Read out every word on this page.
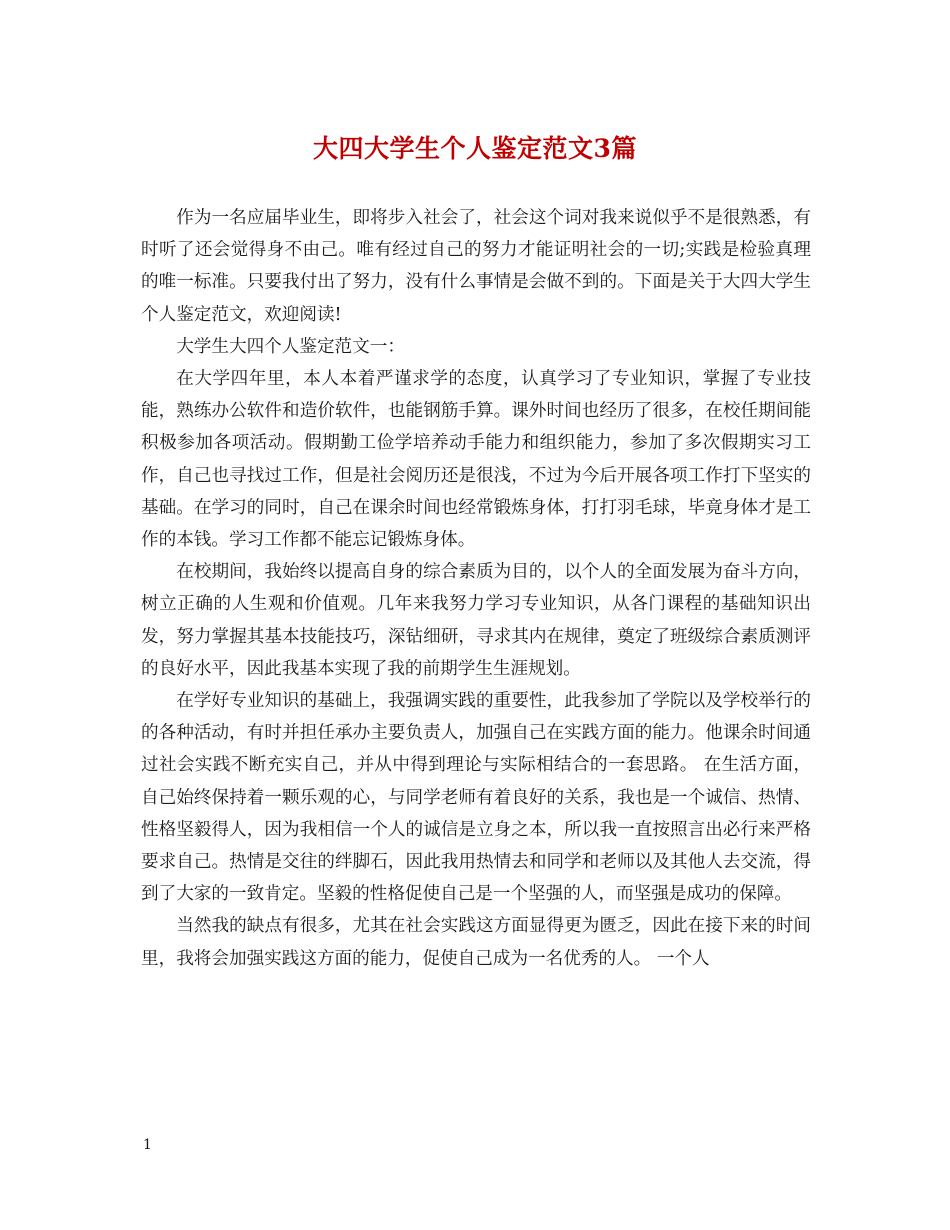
大四大学生个人鉴定范文3篇

作为一名应届毕业生，即将步入社会了，社会这个词对我来说似乎不是很熟悉，有时听了还会觉得身不由己。唯有经过自己的努力才能证明社会的一切;实践是检验真理的唯一标准。只要我付出了努力，没有什么事情是会做不到的。下面是关于大四大学生个人鉴定范文，欢迎阅读!

大学生大四个人鉴定范文一：

在大学四年里，本人本着严谨求学的态度，认真学习了专业知识，掌握了专业技能，熟练办公软件和造价软件，也能钢筋手算。课外时间也经历了很多，在校任期间能积极参加各项活动。假期勤工俭学培养动手能力和组织能力，参加了多次假期实习工作，自己也寻找过工作，但是社会阅历还是很浅，不过为今后开展各项工作打下坚实的基础。在学习的同时，自己在课余时间也经常锻炼身体，打打羽毛球，毕竟身体才是工作的本钱。学习工作都不能忘记锻炼身体。

在校期间，我始终以提高自身的综合素质为目的，以个人的全面发展为奋斗方向，树立正确的人生观和价值观。几年来我努力学习专业知识，从各门课程的基础知识出发，努力掌握其基本技能技巧，深钻细研，寻求其内在规律，奠定了班级综合素质测评的良好水平，因此我基本实现了我的前期学生生涯规划。

在学好专业知识的基础上，我强调实践的重要性，此我参加了学院以及学校举行的的各种活动，有时并担任承办主要负责人，加强自己在实践方面的能力。他课余时间通过社会实践不断充实自己，并从中得到理论与实际相结合的一套思路。 在生活方面，自己始终保持着一颗乐观的心，与同学老师有着良好的关系，我也是一个诚信、热情、性格坚毅得人，因为我相信一个人的诚信是立身之本，所以我一直按照言出必行来严格要求自己。热情是交往的绊脚石，因此我用热情去和同学和老师以及其他人去交流，得到了大家的一致肯定。坚毅的性格促使自己是一个坚强的人，而坚强是成功的保障。

当然我的缺点有很多，尤其在社会实践这方面显得更为匮乏，因此在接下来的时间里，我将会加强实践这方面的能力，促使自己成为一名优秀的人。 一个人

1
